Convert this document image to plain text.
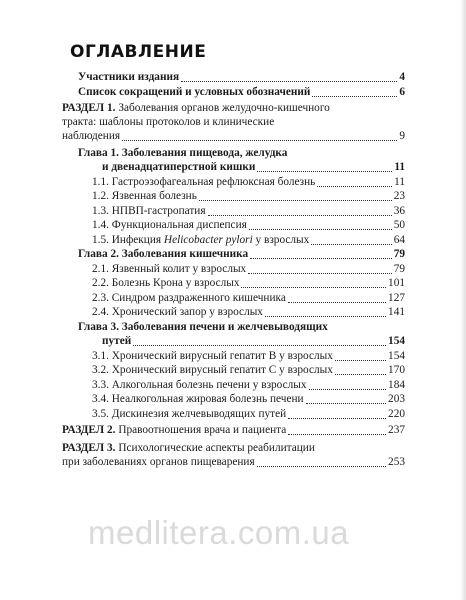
ОГЛАВЛЕНИЕ
Участники издания	4
Список сокращений и условных обозначений	6
РАЗДЕЛ 1. Заболевания органов желудочно-кишечного
тракта: шаблоны протоколов и клинические
наблюдения	9
Глава 1. Заболевания пищевода, желудка
и двенадцатиперстной кишки	11
1.1. Гастроэзофагеальная рефлюксная болезнь	11
1.2. Язвенная болезнь	23
1.3. НПВП-гастропатия	36
1.4. Функциональная диспепсия	50
1.5. Инфекция Helicobacter pylori у взрослых	64
Глава 2. Заболевания кишечника	79
2.1. Язвенный колит у взрослых	79
2.2. Болезнь Крона у взрослых	101
2.3. Синдром раздраженного кишечника	127
2.4. Хронический запор у взрослых	141
Глава 3. Заболевания печени и желчевыводящих
путей	154
3.1. Хронический вирусный гепатит В у взрослых	154
3.2. Хронический вирусный гепатит С у взрослых	170
3.3. Алкогольная болезнь печени у взрослых	184
3.4. Неалкогольная жировая болезнь печени	203
3.5. Дискинезия желчевыводящих путей	220
РАЗДЕЛ 2. Правоотношения врача и пациента	237
РАЗДЕЛ 3. Психологические аспекты реабилитации
при заболеваниях органов пищеварения	253
medlitera.com.ua
